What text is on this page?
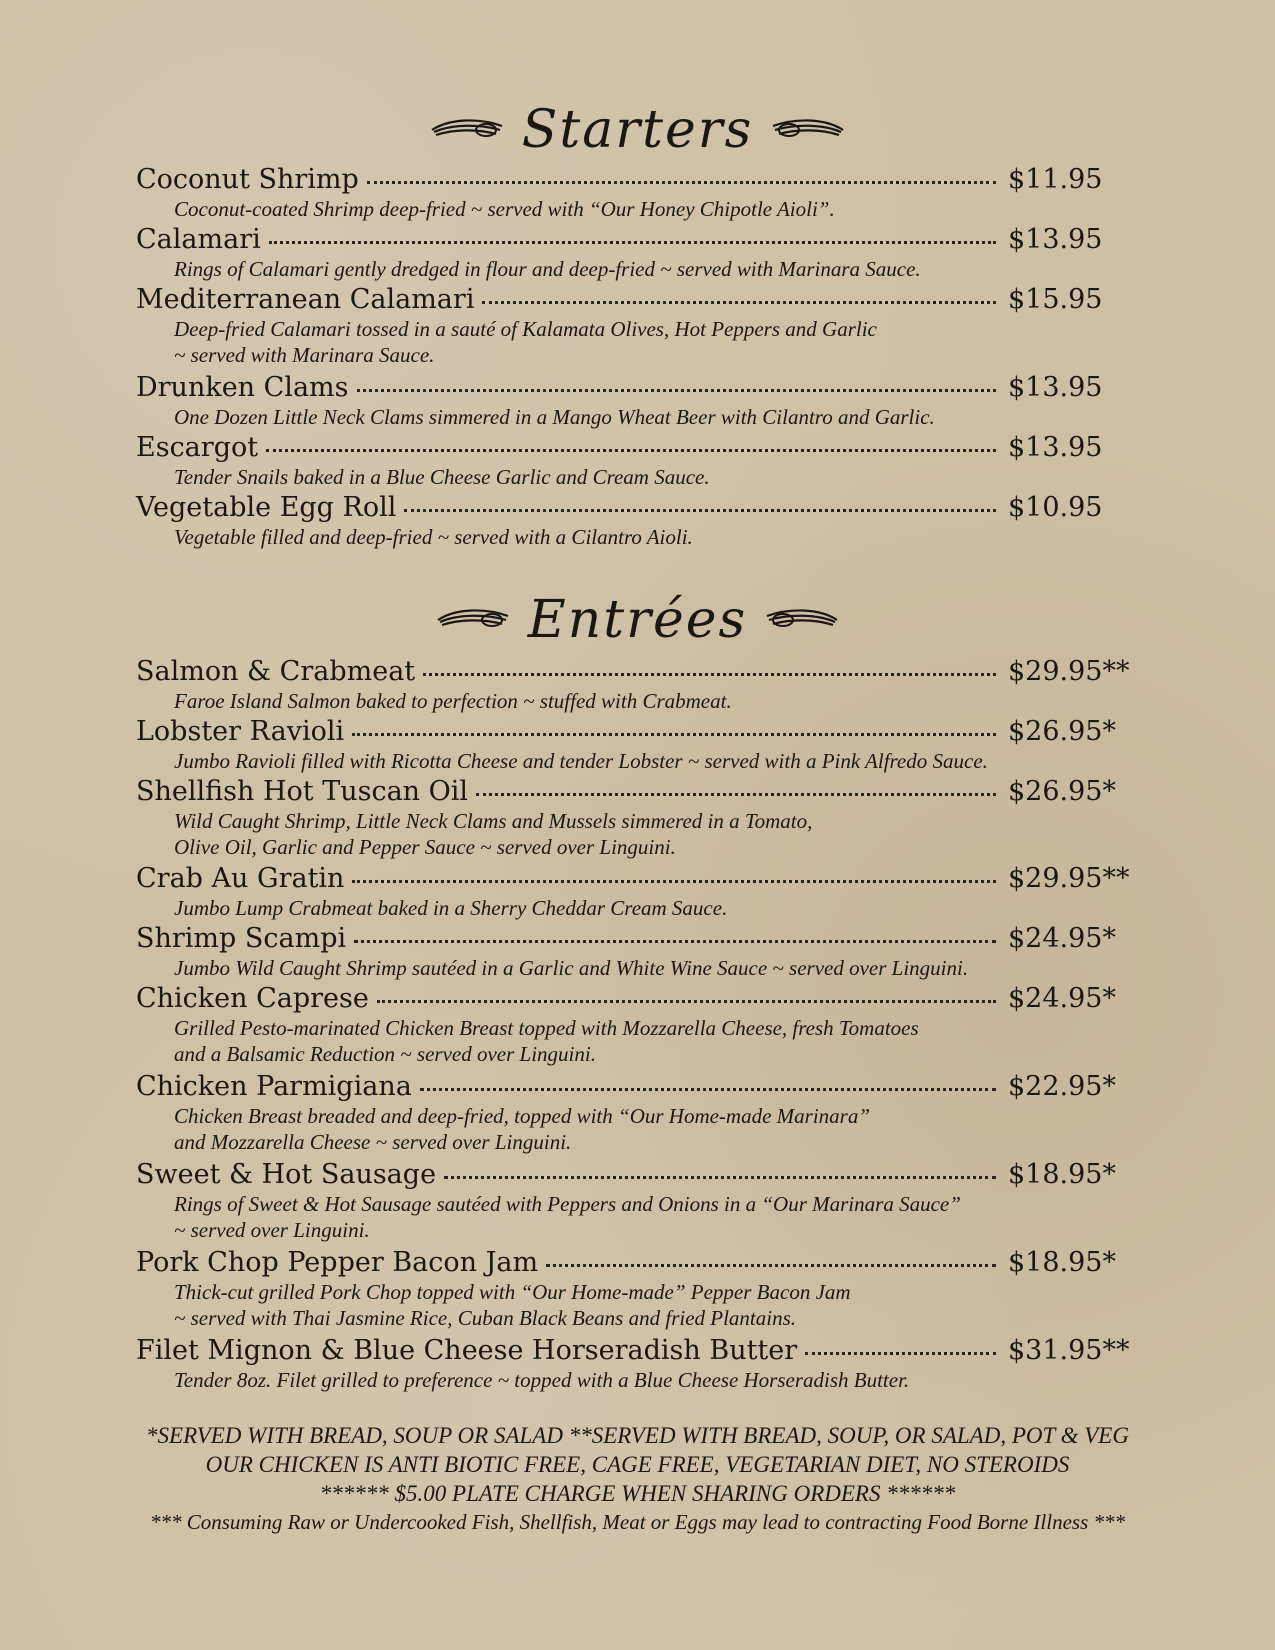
Starters
Coconut Shrimp	$11.95
Coconut-coated Shrimp deep-fried ~ served with “Our Honey Chipotle Aioli”.
Calamari	$13.95
Rings of Calamari gently dredged in flour and deep-fried ~ served with Marinara Sauce.
Mediterranean Calamari	$15.95
Deep-fried Calamari tossed in a sauté of Kalamata Olives, Hot Peppers and Garlic
~ served with Marinara Sauce.
Drunken Clams	$13.95
One Dozen Little Neck Clams simmered in a Mango Wheat Beer with Cilantro and Garlic.
Escargot	$13.95
Tender Snails baked in a Blue Cheese Garlic and Cream Sauce.
Vegetable Egg Roll	$10.95
Vegetable filled and deep-fried ~ served with a Cilantro Aioli.
Entrées
Salmon & Crabmeat	$29.95**
Faroe Island Salmon baked to perfection ~ stuffed with Crabmeat.
Lobster Ravioli	$26.95*
Jumbo Ravioli filled with Ricotta Cheese and tender Lobster ~ served with a Pink Alfredo Sauce.
Shellfish Hot Tuscan Oil	$26.95*
Wild Caught Shrimp, Little Neck Clams and Mussels simmered in a Tomato,
Olive Oil, Garlic and Pepper Sauce ~ served over Linguini.
Crab Au Gratin	$29.95**
Jumbo Lump Crabmeat baked in a Sherry Cheddar Cream Sauce.
Shrimp Scampi	$24.95*
Jumbo Wild Caught Shrimp sautéed in a Garlic and White Wine Sauce ~ served over Linguini.
Chicken Caprese	$24.95*
Grilled Pesto-marinated Chicken Breast topped with Mozzarella Cheese, fresh Tomatoes
and a Balsamic Reduction ~ served over Linguini.
Chicken Parmigiana	$22.95*
Chicken Breast breaded and deep-fried, topped with “Our Home-made Marinara”
and Mozzarella Cheese ~ served over Linguini.
Sweet & Hot Sausage	$18.95*
Rings of Sweet & Hot Sausage sautéed with Peppers and Onions in a “Our Marinara Sauce”
~ served over Linguini.
Pork Chop Pepper Bacon Jam	$18.95*
Thick-cut grilled Pork Chop topped with “Our Home-made” Pepper Bacon Jam
~ served with Thai Jasmine Rice, Cuban Black Beans and fried Plantains.
Filet Mignon & Blue Cheese Horseradish Butter	$31.95**
Tender 8oz. Filet grilled to preference ~ topped with a Blue Cheese Horseradish Butter.
*SERVED WITH BREAD, SOUP OR SALAD **SERVED WITH BREAD, SOUP, OR SALAD, POT & VEG
OUR CHICKEN IS ANTI BIOTIC FREE, CAGE FREE, VEGETARIAN DIET, NO STEROIDS
****** $5.00 PLATE CHARGE WHEN SHARING ORDERS ******
*** Consuming Raw or Undercooked Fish, Shellfish, Meat or Eggs may lead to contracting Food Borne Illness ***
